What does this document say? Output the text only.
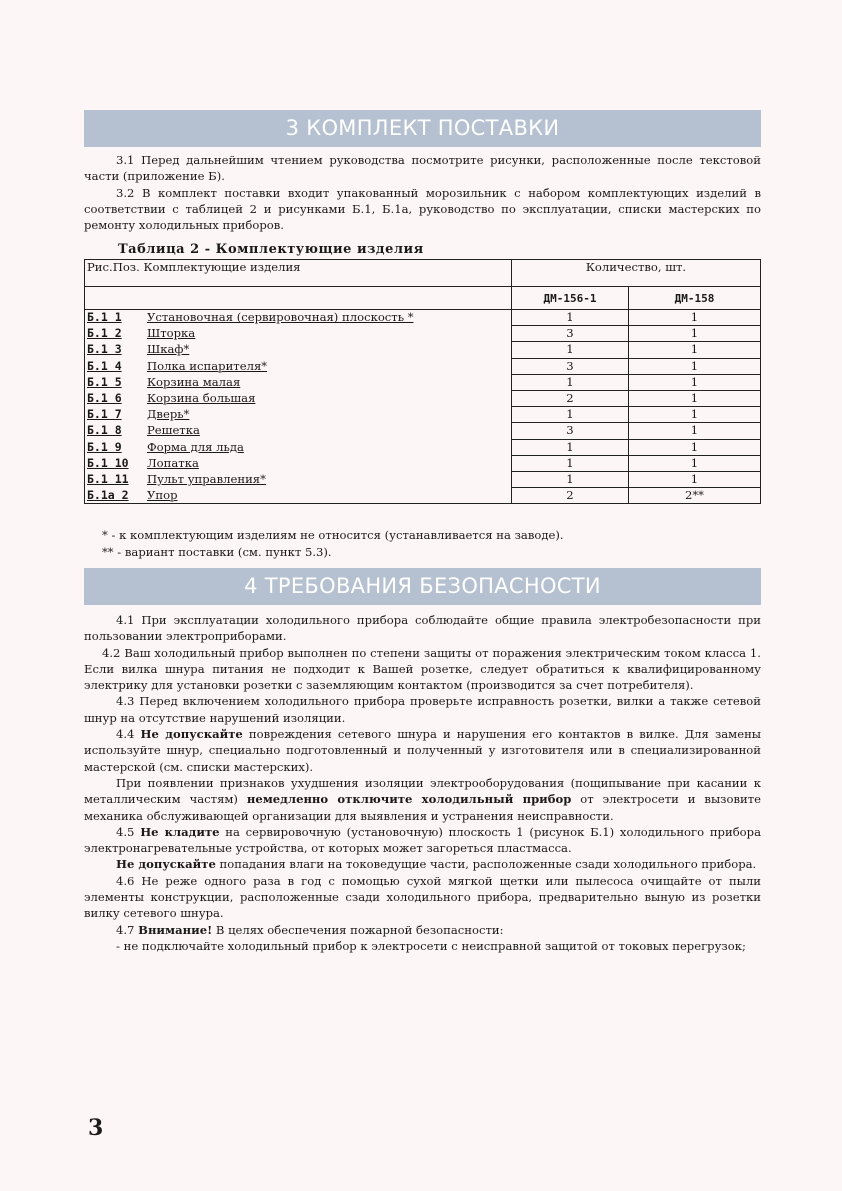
3 КОМПЛЕКТ ПОСТАВКИ

3.1 Перед дальнейшим чтением руководства посмотрите рисунки, расположенные после текстовой части (приложение Б).

3.2 В комплект поставки входит упакованный морозильник с набором комплектующих изделий в соответствии с таблицей 2 и рисунками Б.1, Б.1а, руководство по эксплуатации, списки мастерских по ремонту холодильных приборов.

Таблица 2 - Комплектующие изделия
Рис.Поз. Комплектующие изделия	Количество, шт.	
	ДМ-156-1	ДМ-158
Б.1 1 Установочная (сервировочная) плоскость *	1	1
Б.1 2 Шторка	3	1
Б.1 3 Шкаф*	1	1
Б.1 4 Полка испарителя*	3	1
Б.1 5 Корзина малая	1	1
Б.1 6 Корзина большая	2	1
Б.1 7 Дверь*	1	1
Б.1 8 Решетка	3	1
Б.1 9 Форма для льда	1	1
Б.1 10 Лопатка	1	1
Б.1 11 Пульт управления*	1	1
Б.1а 2 Упор	2	2**
* - к комплектующим изделиям не относится (устанавливается на заводе).
** - вариант поставки (см. пункт 5.3).
4 ТРЕБОВАНИЯ БЕЗОПАСНОСТИ

4.1 При эксплуатации холодильного прибора соблюдайте общие правила электробезопасности при пользовании электроприборами.

4.2 Ваш холодильный прибор выполнен по степени защиты от поражения электрическим током класса 1. Если вилка шнура питания не подходит к Вашей розетке, следует обратиться к квалифицированному электрику для установки розетки с заземляющим контактом (производится за счет потребителя).

4.3 Перед включением холодильного прибора проверьте исправность розетки, вилки а также сетевой шнур на отсутствие нарушений изоляции.

4.4 Не допускайте повреждения сетевого шнура и нарушения его контактов в вилке. Для замены используйте шнур, специально подготовленный и полученный у изготовителя или в специализированной мастерской (см. списки мастерских).

При появлении признаков ухудшения изоляции электрооборудования (пощипывание при касании к металлическим частям) немедленно отключите холодильный прибор от электросети и вызовите механика обслуживающей организации для выявления и устранения неисправности.

4.5 Не кладите на сервировочную (установочную) плоскость 1 (рисунок Б.1) холодильного прибора электронагревательные устройства, от которых может загореться пластмасса.

Не допускайте попадания влаги на токоведущие части, расположенные сзади холодильного прибора.

4.6 Не реже одного раза в год с помощью сухой мягкой щетки или пылесоса очищайте от пыли элементы конструкции, расположенные сзади холодильного прибора, предварительно выную из розетки вилку сетевого шнура.

4.7 Внимание! В целях обеспечения пожарной безопасности:

- не подключайте холодильный прибор к электросети с неисправной защитой от токовых перегрузок;

3
